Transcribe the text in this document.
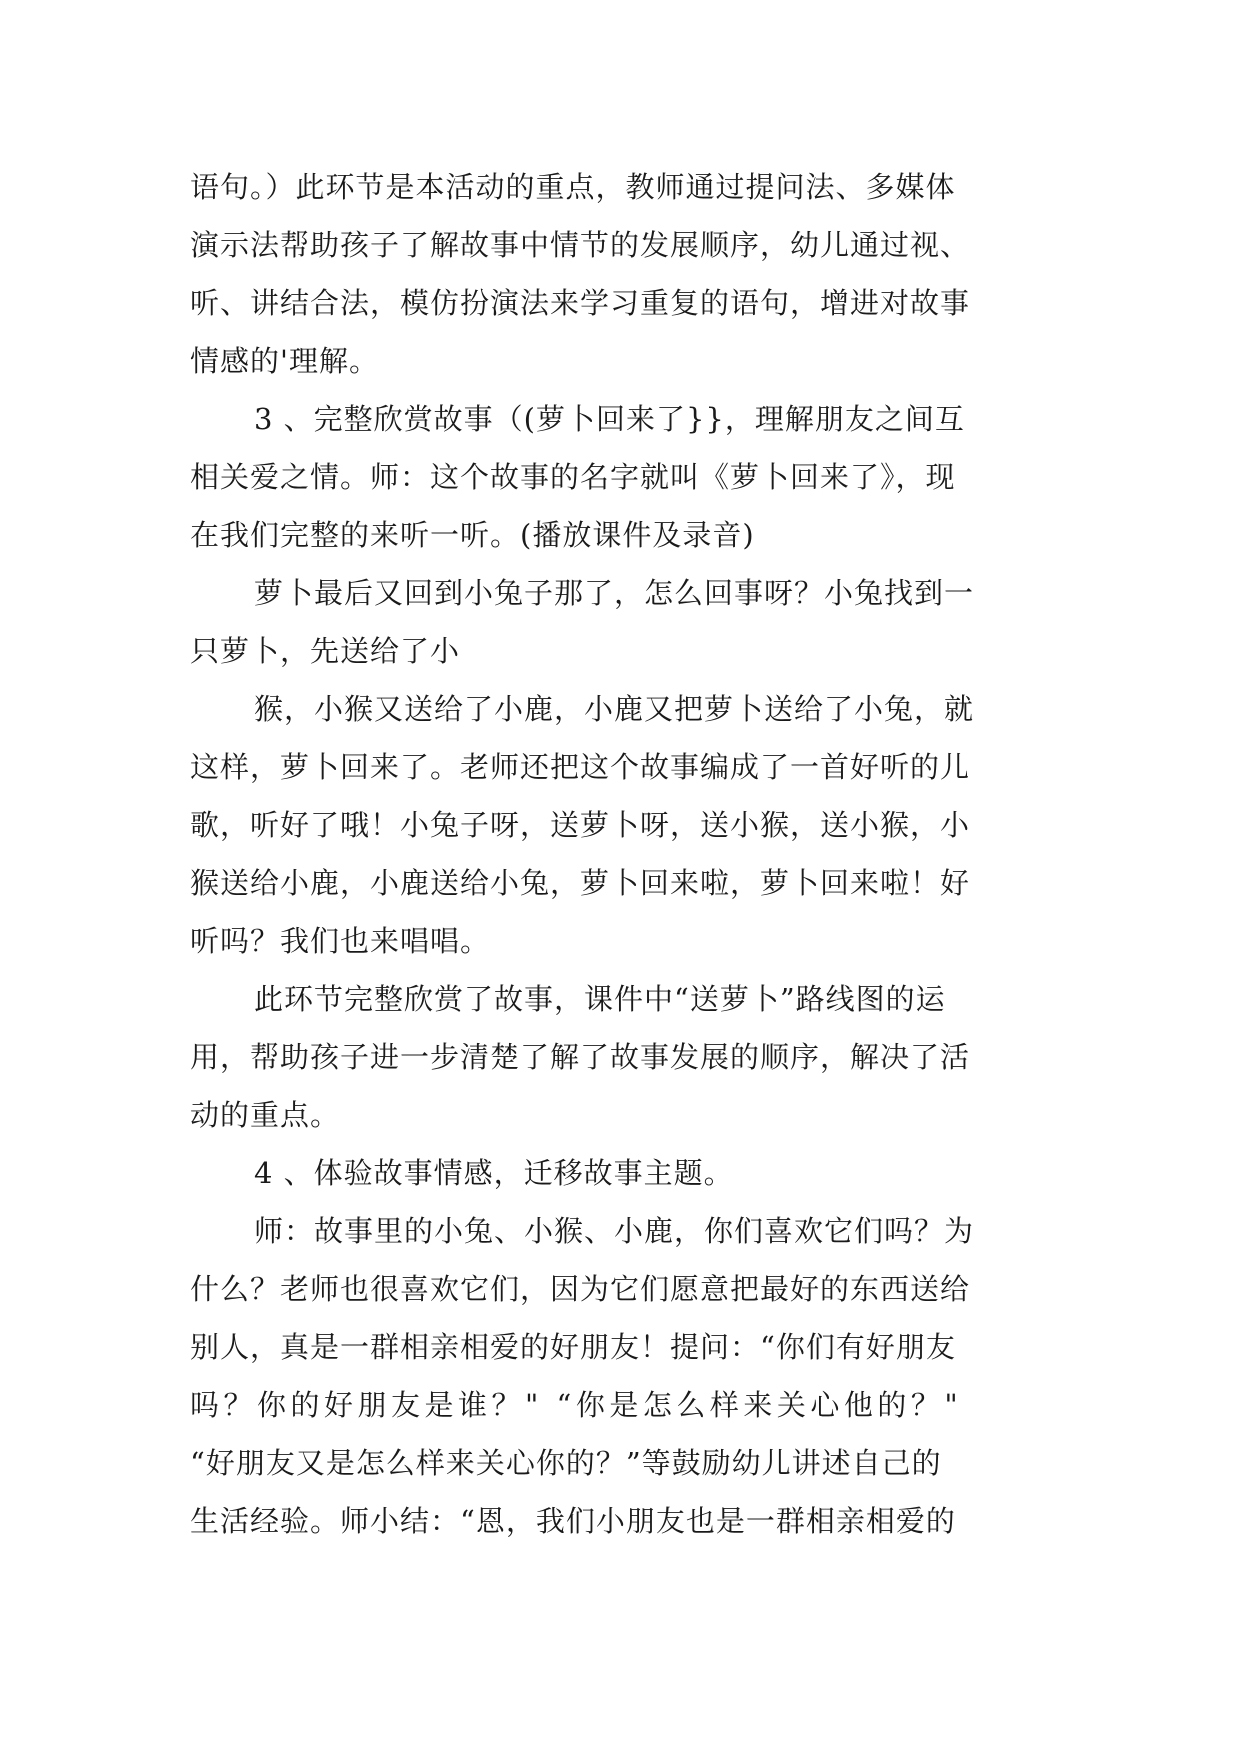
语句。）此环节是本活动的重点，教师通过提问法、多媒体
演示法帮助孩子了解故事中情节的发展顺序，幼儿通过视、
听、讲结合法，模仿扮演法来学习重复的语句，增进对故事
情感的'理解。
3 、完整欣赏故事（(萝卜回来了}}，理解朋友之间互
相关爱之情。师：这个故事的名字就叫《萝卜回来了》，现
在我们完整的来听一听。(播放课件及录音)
萝卜最后又回到小兔子那了，怎么回事呀？小兔找到一
只萝卜，先送给了小
猴，小猴又送给了小鹿，小鹿又把萝卜送给了小兔，就
这样，萝卜回来了。老师还把这个故事编成了一首好听的儿
歌，听好了哦！小兔子呀，送萝卜呀，送小猴，送小猴，小
猴送给小鹿，小鹿送给小兔，萝卜回来啦，萝卜回来啦！好
听吗？我们也来唱唱。
此环节完整欣赏了故事，课件中“送萝卜”路线图的运
用，帮助孩子进一步清楚了解了故事发展的顺序，解决了活
动的重点。
4 、体验故事情感，迁移故事主题。
师：故事里的小兔、小猴、小鹿，你们喜欢它们吗？为
什么？老师也很喜欢它们，因为它们愿意把最好的东西送给
别人，真是一群相亲相爱的好朋友！提问：“你们有好朋友
吗？你的好朋友是谁？" “你是怎么样来关心他的？"
“好朋友又是怎么样来关心你的？”等鼓励幼儿讲述自己的
生活经验。师小结：“恩，我们小朋友也是一群相亲相爱的
